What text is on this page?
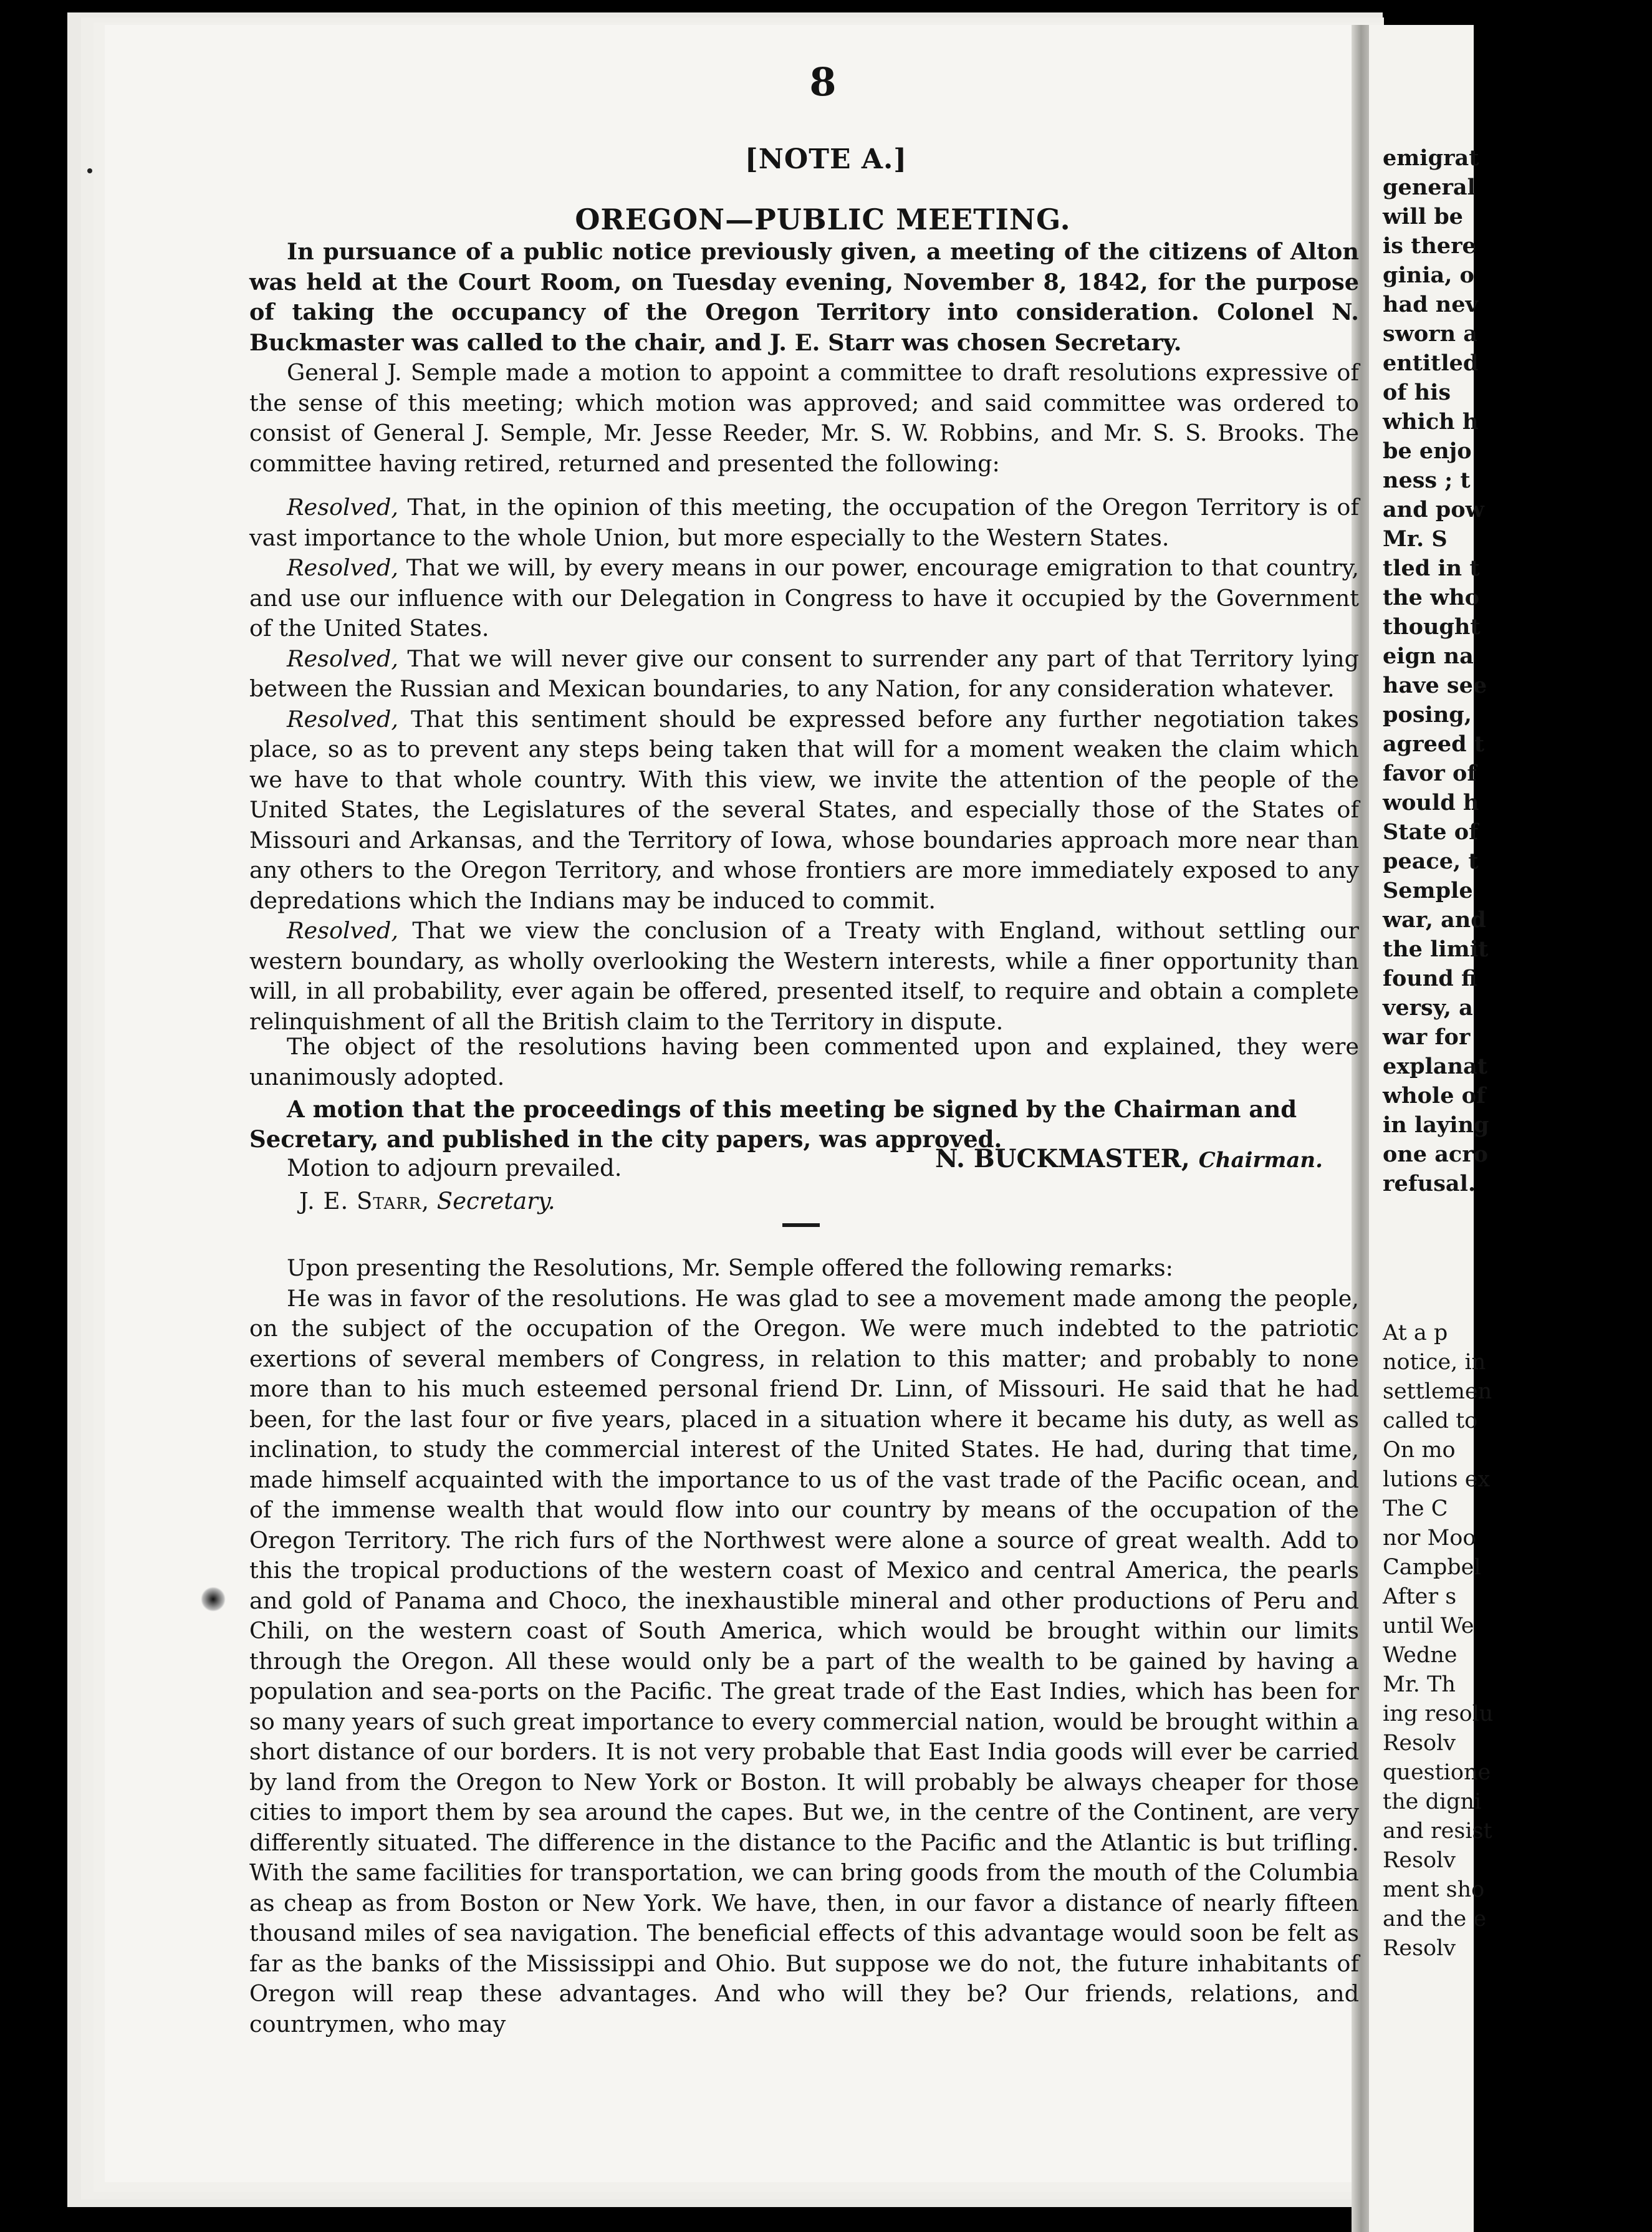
8
[NOTE A.]
OREGON—PUBLIC MEETING.

In pursuance of a public notice previously given, a meeting of the citizens of Alton was held at the Court Room, on Tuesday evening, November 8, 1842, for the purpose of taking the occupancy of the Oregon Territory into consideration. Colonel N. Buckmaster was called to the chair, and J. E. Starr was chosen Secretary.

General J. Semple made a motion to appoint a committee to draft resolutions expressive of the sense of this meeting; which motion was approved; and said committee was ordered to consist of General J. Semple, Mr. Jesse Reeder, Mr. S. W. Robbins, and Mr. S. S. Brooks. The committee having retired, returned and presented the following:

Resolved, That, in the opinion of this meeting, the occupation of the Oregon Territory is of vast importance to the whole Union, but more especially to the Western States.

Resolved, That we will, by every means in our power, encourage emigration to that country, and use our influence with our Delegation in Congress to have it occupied by the Government of the United States.

Resolved, That we will never give our consent to surrender any part of that Territory lying between the Russian and Mexican boundaries, to any Nation, for any consideration whatever.

Resolved, That this sentiment should be expressed before any further negotiation takes place, so as to prevent any steps being taken that will for a moment weaken the claim which we have to that whole country. With this view, we invite the attention of the people of the United States, the Legislatures of the several States, and especially those of the States of Missouri and Arkansas, and the Territory of Iowa, whose boundaries approach more near than any others to the Oregon Territory, and whose frontiers are more immediately exposed to any depredations which the Indians may be induced to commit.

Resolved, That we view the conclusion of a Treaty with England, without settling our western boundary, as wholly overlooking the Western interests, while a finer opportunity than will, in all probability, ever again be offered, presented itself, to require and obtain a complete relinquishment of all the British claim to the Territory in dispute.

The object of the resolutions having been commented upon and explained, they were unanimously adopted.

A motion that the proceedings of this meeting be signed by the Chairman and Secretary, and published in the city papers, was approved.
Motion to adjourn prevailed.	N. BUCKMASTER, Chairman.
J. E. Starr, Secretary.

Upon presenting the Resolutions, Mr. Semple offered the following remarks:

He was in favor of the resolutions. He was glad to see a movement made among the people, on the subject of the occupation of the Oregon. We were much indebted to the patriotic exertions of several members of Congress, in relation to this matter; and probably to none more than to his much esteemed personal friend Dr. Linn, of Missouri. He said that he had been, for the last four or five years, placed in a situation where it became his duty, as well as inclination, to study the commercial interest of the United States. He had, during that time, made himself acquainted with the importance to us of the vast trade of the Pacific ocean, and of the immense wealth that would flow into our country by means of the occupation of the Oregon Territory. The rich furs of the Northwest were alone a source of great wealth. Add to this the tropical productions of the western coast of Mexico and central America, the pearls and gold of Panama and Choco, the inexhaustible mineral and other productions of Peru and Chili, on the western coast of South America, which would be brought within our limits through the Oregon. All these would only be a part of the wealth to be gained by having a population and sea-ports on the Pacific. The great trade of the East Indies, which has been for so many years of such great importance to every commercial nation, would be brought within a short distance of our borders. It is not very probable that East India goods will ever be carried by land from the Oregon to New York or Boston. It will probably be always cheaper for those cities to import them by sea around the capes. But we, in the centre of the Continent, are very differently situated. The difference in the distance to the Pacific and the Atlantic is but trifling. With the same facilities for transportation, we can bring goods from the mouth of the Columbia as cheap as from Boston or New York. We have, then, in our favor a distance of nearly fifteen thousand miles of sea navigation. The beneficial effects of this advantage would soon be felt as far as the banks of the Mississippi and Ohio. But suppose we do not, the future inhabitants of Oregon will reap these advantages. And who will they be? Our friends, relations, and countrymen, who may

emigrat
general
will be
is there
ginia, o
had nev
sworn a
entitled
of his
which h
be enjo
ness ; t
and pow
Mr. S
tled in t
the who
thought
eign na
have see
posing,
agreed t
favor of
would h
State of
peace, t
Semple
war, and
the limit
found fi
versy, a
war for
explanat
whole of
in laying
one acro
refusal.
At a p
notice, in
settlemen
called to
On mo
lutions ex
The C
nor Moo
Campbel
After s
until We
Wedne
Mr. Th
ing resolu
Resolv
questione
the digni
and resist
Resolv
ment sho
and the e
Resolv
